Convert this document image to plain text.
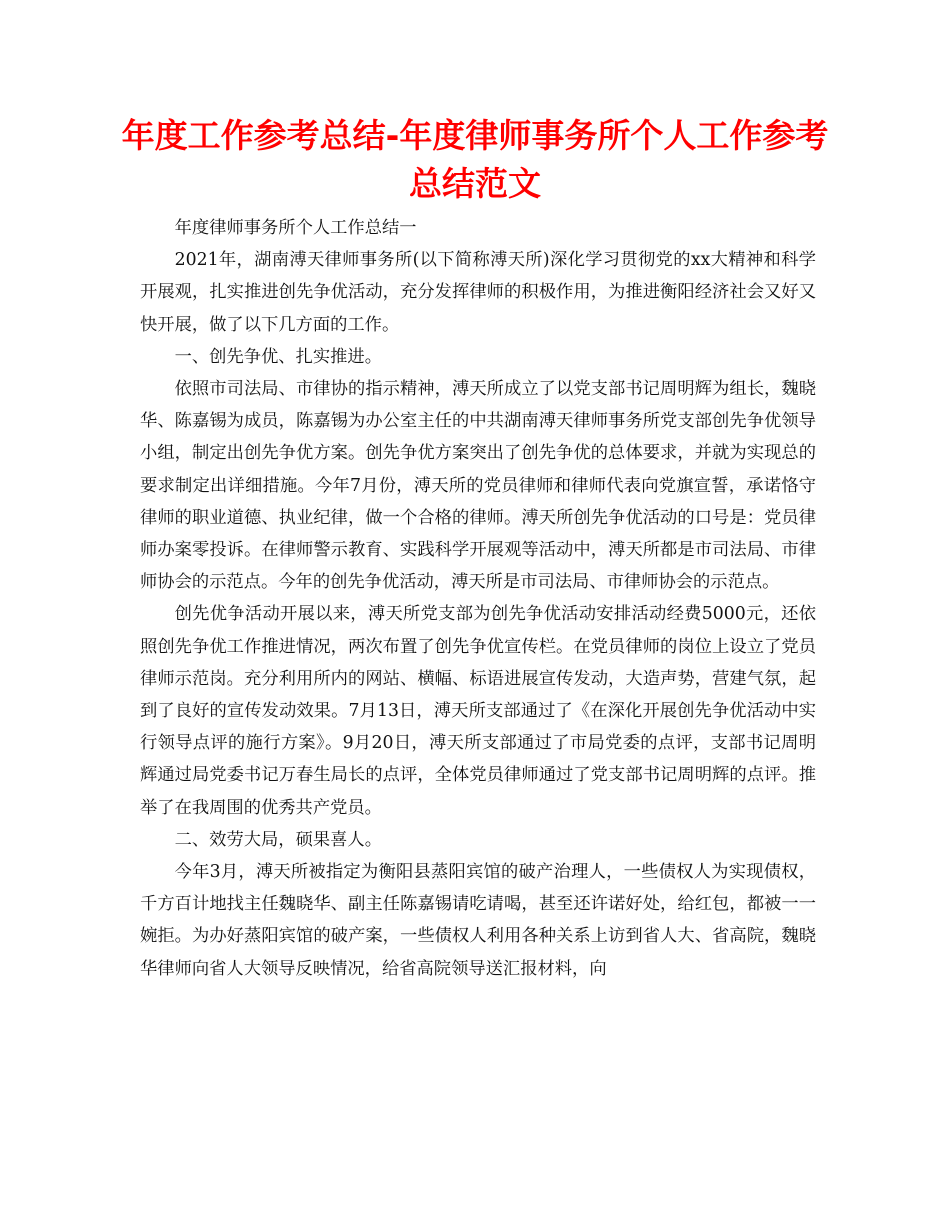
年度工作参考总结-年度律师事务所个人工作参考总结范文

年度律师事务所个人工作总结一

2021年，湖南溥天律师事务所(以下简称溥天所)深化学习贯彻党的xx大精神和科学开展观，扎实推进创先争优活动，充分发挥律师的积极作用，为推进衡阳经济社会又好又快开展，做了以下几方面的工作。

一、创先争优、扎实推进。

依照市司法局、市律协的指示精神，溥天所成立了以党支部书记周明辉为组长，魏晓华、陈嘉锡为成员，陈嘉锡为办公室主任的中共湖南溥天律师事务所党支部创先争优领导小组，制定出创先争优方案。创先争优方案突出了创先争优的总体要求，并就为实现总的要求制定出详细措施。今年7月份，溥天所的党员律师和律师代表向党旗宣誓，承诺恪守律师的职业道德、执业纪律，做一个合格的律师。溥天所创先争优活动的口号是：党员律师办案零投诉。在律师警示教育、实践科学开展观等活动中，溥天所都是市司法局、市律师协会的示范点。今年的创先争优活动，溥天所是市司法局、市律师协会的示范点。

创先优争活动开展以来，溥天所党支部为创先争优活动安排活动经费5000元，还依照创先争优工作推进情况，两次布置了创先争优宣传栏。在党员律师的岗位上设立了党员律师示范岗。充分利用所内的网站、横幅、标语进展宣传发动，大造声势，营建气氛，起到了良好的宣传发动效果。7月13日，溥天所支部通过了《在深化开展创先争优活动中实行领导点评的施行方案》。9月20日，溥天所支部通过了市局党委的点评，支部书记周明辉通过局党委书记万春生局长的点评，全体党员律师通过了党支部书记周明辉的点评。推举了在我周围的优秀共产党员。

二、效劳大局，硕果喜人。

今年3月，溥天所被指定为衡阳县蒸阳宾馆的破产治理人，一些债权人为实现债权，千方百计地找主任魏晓华、副主任陈嘉锡请吃请喝，甚至还许诺好处，给红包，都被一一婉拒。为办好蒸阳宾馆的破产案，一些债权人利用各种关系上访到省人大、省高院，魏晓华律师向省人大领导反映情况，给省高院领导送汇报材料，向
